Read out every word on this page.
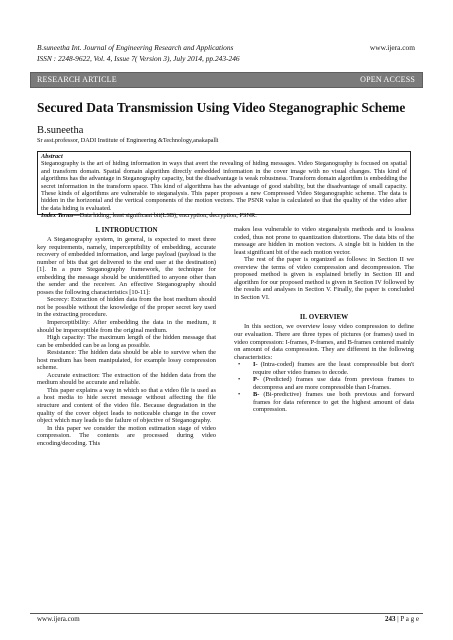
B.suneetha Int. Journal of Engineering Research and Applications
ISSN : 2248-9622, Vol. 4, Issue 7( Version 3), July 2014, pp.243-246
www.ijera.com
RESEARCH ARTICLE	OPEN ACCESS
Secured Data Transmission Using Video Steganographic Scheme
B.suneetha
Sr asst.professor, DADI Institute of Engineering &Technology,anakapalli
Abstract
Steganography is the art of hiding information in ways that avert the revealing of hiding messages. Video Steganography is focused on spatial and transform domain. Spatial domain algorithm directly embedded information in the cover image with no visual changes. This kind of algorithms has the advantage in Steganography capacity, but the disadvantage is weak robustness. Transform domain algorithm is embedding the secret information in the transform space. This kind of algorithms has the advantage of good stability, but the disadvantage of small capacity. These kinds of algorithms are vulnerable to steganalysis. This paper proposes a new Compressed Video Steganographic scheme. The data is hidden in the horizontal and the vertical components of the motion vectors. The PSNR value is calculated so that the quality of the video after the data hiding is evaluated.
Index Terms—Data hiding, least significant bit(LSB), encryption, decryption, PSNR.
I. INTRODUCTION

A Steganography system, in general, is expected to meet three key requirements, namely, imperceptibility of embedding, accurate recovery of embedded information, and large payload (payload is the number of bits that get delivered to the end user at the destination) [1]. In a pure Steganography framework, the technique for embedding the message should be unidentified to anyone other than the sender and the receiver. An effective Steganography should posses the following characteristics [10-11]:

Secrecy: Extraction of hidden data from the host medium should not be possible without the knowledge of the proper secret key used in the extracting procedure.

Imperceptibility: After embedding the data in the medium, it should be imperceptible from the original medium.

High capacity: The maximum length of the hidden message that can be embedded can be as long as possible.

Resistance: The hidden data should be able to survive when the host medium has been manipulated, for example lossy compression scheme.

Accurate extraction: The extraction of the hidden data from the medium should be accurate and reliable.

This paper explains a way in which so that a video file is used as a host media to hide secret message without affecting the file structure and content of the video file. Because degradation in the quality of the cover object leads to noticeable change in the cover object which may leads to the failure of objective of Steganography.

In this paper we consider the motion estimation stage of video compression. The contents are processed during video encoding/decoding. This

makes less vulnerable to video steganalysis methods and is lossless coded, thus not prone to quantization distortions. The data bits of the message are hidden in motion vectors. A single bit is hidden in the least significant bit of the each motion vector.

The rest of the paper is organized as follows: in Section II we overview the terms of video compression and decompression. The proposed method is given is explained briefly in Section III and algorithm for our proposed method is given in Section IV followed by the results and analyses in Section V. Finally, the paper is concluded in Section VI.

II. OVERVIEW

In this section, we overview lossy video compression to define our evaluation. There are three types of pictures (or frames) used in video compression: I-frames, P-frames, and B-frames centered mainly on amount of data compression. They are different in the following characteristics:

• I- (Intra-coded) frames are the least compressible but don't require other video frames to decode.
• P- (Predicted) frames use data from previous frames to decompress and are more compressible than I-frames.
• B- (Bi-predictive) frames use both previous and forward frames for data reference to get the highest amount of data compression.
www.ijera.com	243 | P a g e
